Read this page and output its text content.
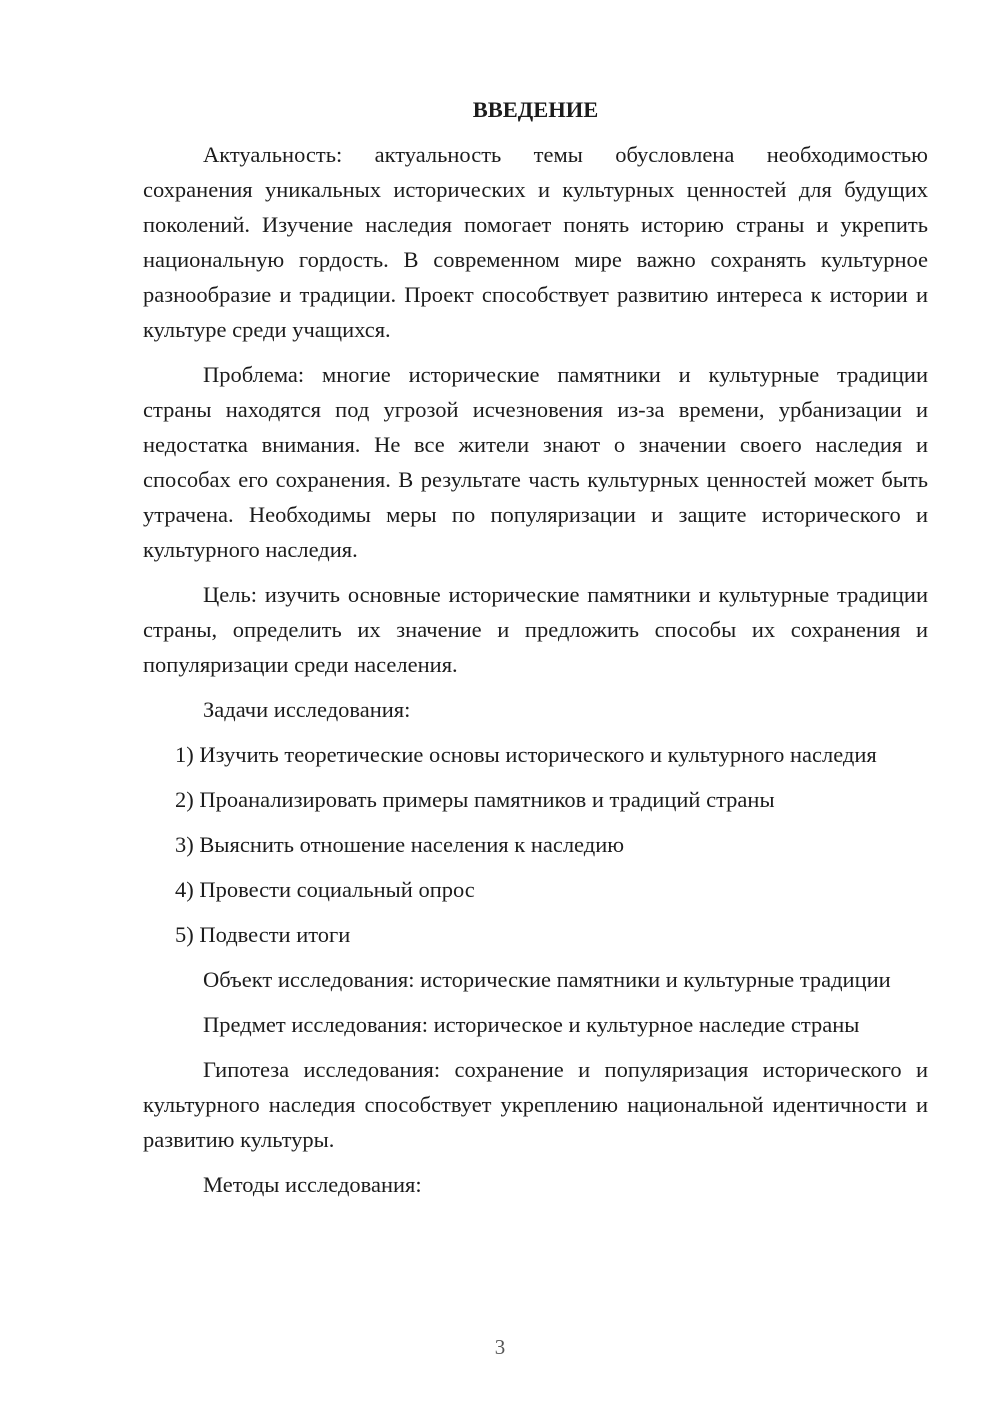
ВВЕДЕНИЕ

Актуальность: актуальность темы обусловлена необходимостью сохранения уникальных исторических и культурных ценностей для будущих поколений. Изучение наследия помогает понять историю страны и укрепить национальную гордость. В современном мире важно сохранять культурное разнообразие и традиции. Проект способствует развитию интереса к истории и культуре среди учащихся.

Проблема: многие исторические памятники и культурные традиции страны находятся под угрозой исчезновения из-за времени, урбанизации и недостатка внимания. Не все жители знают о значении своего наследия и способах его сохранения. В результате часть культурных ценностей может быть утрачена. Необходимы меры по популяризации и защите исторического и культурного наследия.

Цель: изучить основные исторические памятники и культурные традиции страны, определить их значение и предложить способы их сохранения и популяризации среди населения.

Задачи исследования:

1) Изучить теоретические основы исторического и культурного наследия

2) Проанализировать примеры памятников и традиций страны

3) Выяснить отношение населения к наследию

4) Провести социальный опрос

5) Подвести итоги

Объект исследования: исторические памятники и культурные традиции

Предмет исследования: историческое и культурное наследие страны

Гипотеза исследования: сохранение и популяризация исторического и культурного наследия способствует укреплению национальной идентичности и развитию культуры.

Методы исследования:

3
